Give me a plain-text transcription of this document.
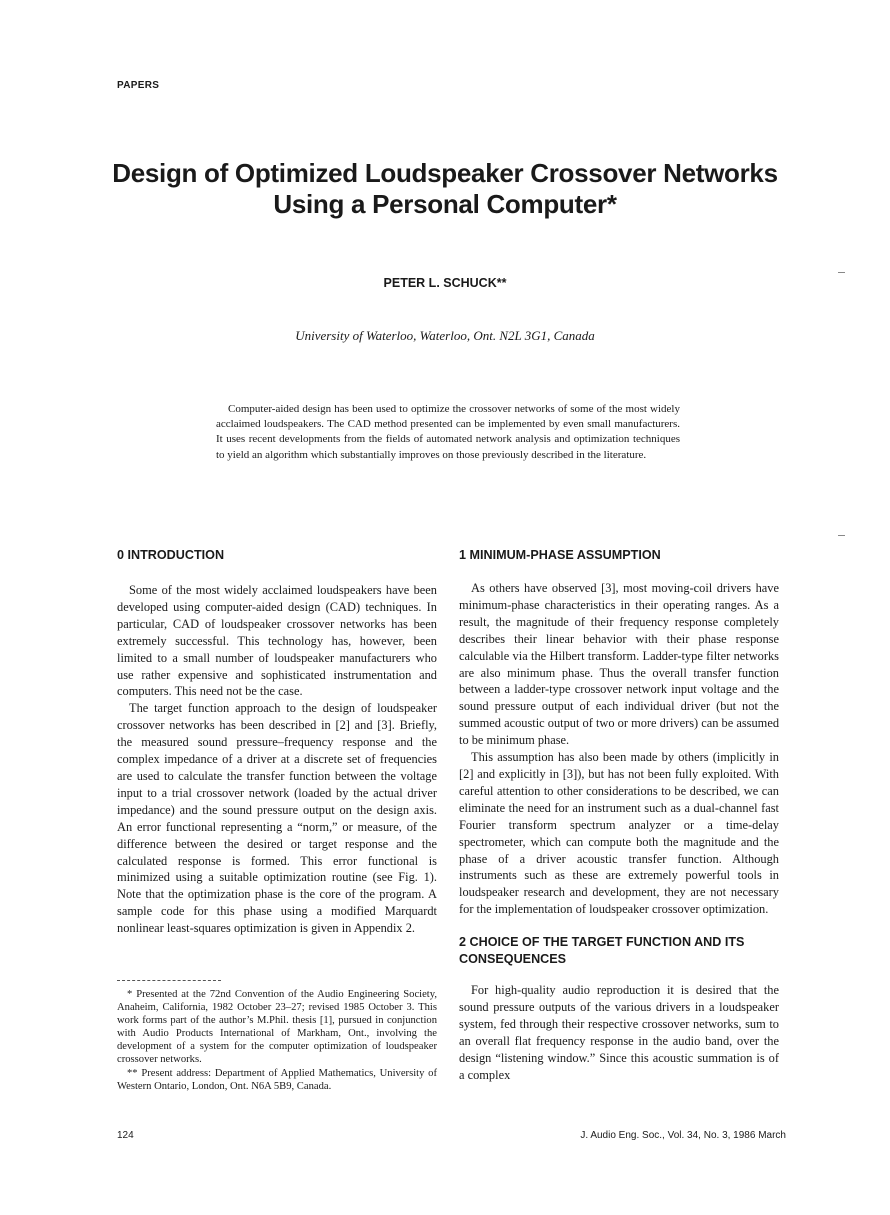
PAPERS
Design of Optimized Loudspeaker Crossover Networks
Using a Personal Computer*
PETER L. SCHUCK**
University of Waterloo, Waterloo, Ont. N2L 3G1, Canada
Computer-aided design has been used to optimize the crossover networks of some of the most widely acclaimed loudspeakers. The CAD method presented can be implemented by even small manufacturers. It uses recent developments from the fields of automated network analysis and optimization techniques to yield an algorithm which substantially improves on those previously described in the literature.
0 INTRODUCTION

Some of the most widely acclaimed loudspeakers have been developed using computer-aided design (CAD) techniques. In particular, CAD of loudspeaker crossover networks has been extremely successful. This technology has, however, been limited to a small number of loudspeaker manufacturers who use rather expensive and sophisticated instrumentation and computers. This need not be the case.

The target function approach to the design of loudspeaker crossover networks has been described in [2] and [3]. Briefly, the measured sound pressure–frequency response and the complex impedance of a driver at a discrete set of frequencies are used to calculate the transfer function between the voltage input to a trial crossover network (loaded by the actual driver impedance) and the sound pressure output on the design axis. An error functional representing a “norm,” or measure, of the difference between the desired or target response and the calculated response is formed. This error functional is minimized using a suitable optimization routine (see Fig. 1). Note that the optimization phase is the core of the program. A sample code for this phase using a modified Marquardt nonlinear least-squares optimization is given in Appendix 2.

* Presented at the 72nd Convention of the Audio Engineering Society, Anaheim, California, 1982 October 23–27; revised 1985 October 3. This work forms part of the author’s M.Phil. thesis [1], pursued in conjunction with Audio Products International of Markham, Ont., involving the development of a system for the computer optimization of loudspeaker crossover networks.

** Present address: Department of Applied Mathematics, University of Western Ontario, London, Ont. N6A 5B9, Canada.

1 MINIMUM-PHASE ASSUMPTION

As others have observed [3], most moving-coil drivers have minimum-phase characteristics in their operating ranges. As a result, the magnitude of their frequency response completely describes their linear behavior with their phase response calculable via the Hilbert transform. Ladder-type filter networks are also minimum phase. Thus the overall transfer function between a ladder-type crossover network input voltage and the sound pressure output of each individual driver (but not the summed acoustic output of two or more drivers) can be assumed to be minimum phase.

This assumption has also been made by others (implicitly in [2] and explicitly in [3]), but has not been fully exploited. With careful attention to other considerations to be described, we can eliminate the need for an instrument such as a dual-channel fast Fourier transform spectrum analyzer or a time-delay spectrometer, which can compute both the magnitude and the phase of a driver acoustic transfer function. Although instruments such as these are extremely powerful tools in loudspeaker research and development, they are not necessary for the implementation of loudspeaker crossover optimization.

2 CHOICE OF THE TARGET FUNCTION AND ITS CONSEQUENCES

For high-quality audio reproduction it is desired that the sound pressure outputs of the various drivers in a loudspeaker system, fed through their respective crossover networks, sum to an overall flat frequency response in the audio band, over the design “listening window.” Since this acoustic summation is of a complex

124	J. Audio Eng. Soc., Vol. 34, No. 3, 1986 March
